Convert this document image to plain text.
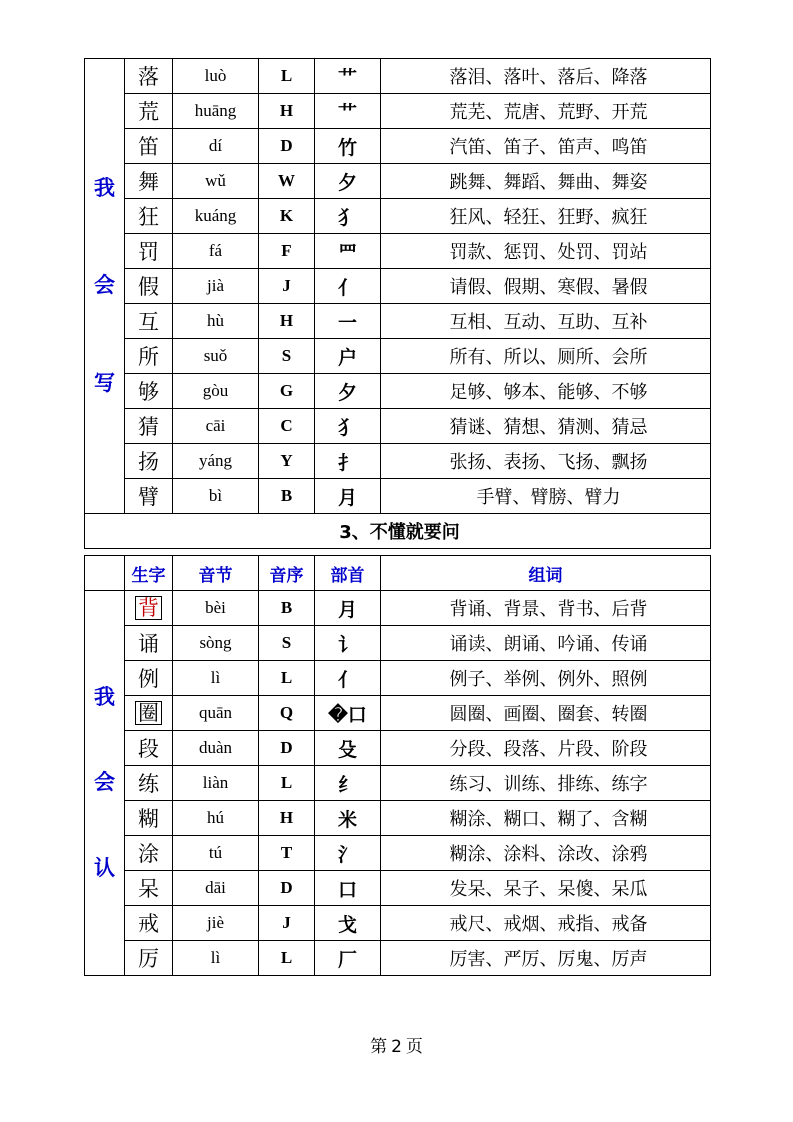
我
会
写	落	luò	L	艹	落泪、落叶、落后、降落
	荒	huāng	H	艹	荒芜、荒唐、荒野、开荒
	笛	dí	D	竹	汽笛、笛子、笛声、鸣笛
	舞	wǔ	W	夕	跳舞、舞蹈、舞曲、舞姿
	狂	kuáng	K	犭	狂风、轻狂、狂野、疯狂
	罚	fá	F	罒	罚款、惩罚、处罚、罚站
	假	jià	J	亻	请假、假期、寒假、暑假
	互	hù	H	一	互相、互动、互助、互补
	所	suǒ	S	户	所有、所以、厕所、会所
	够	gòu	G	夕	足够、够本、能够、不够
	猜	cāi	C	犭	猜谜、猜想、猜测、猜忌
	扬	yáng	Y	扌	张扬、表扬、飞扬、飘扬
	臂	bì	B	月	手臂、臂膀、臂力

3、不懂就要问					
	生字	音节	音序	部首	组词

我
会
认	背	bèi	B	月	背诵、背景、背书、后背
	诵	sòng	S	讠	诵读、朗诵、吟诵、传诵
	例	lì	L	亻	例子、举例、例外、照例
	圈	quān	Q	�口	圆圈、画圈、圈套、转圈
	段	duàn	D	殳	分段、段落、片段、阶段
	练	liàn	L	纟	练习、训练、排练、练字
	糊	hú	H	米	糊涂、糊口、糊了、含糊
	涂	tú	T	氵	糊涂、涂料、涂改、涂鸦
	呆	dāi	D	口	发呆、呆子、呆傻、呆瓜
	戒	jiè	J	戈	戒尺、戒烟、戒指、戒备
	厉	lì	L	厂	厉害、严厉、厉鬼、厉声
第 2 页
